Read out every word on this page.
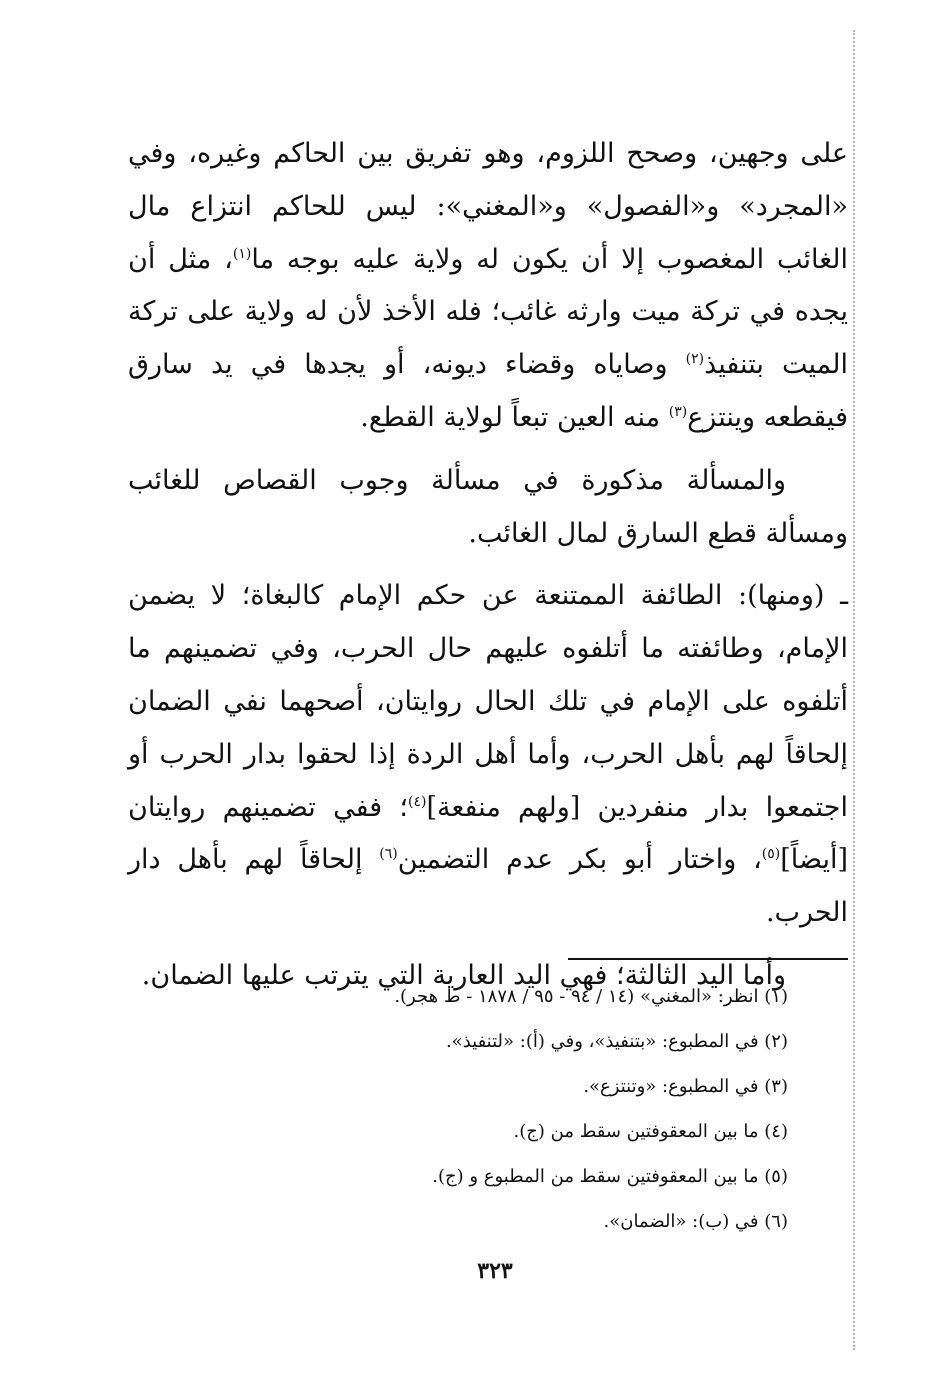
على وجهين، وصحح اللزوم، وهو تفريق بين الحاكم وغيره، وفي «المجرد» و«الفصول» و«المغني»: ليس للحاكم انتزاع مال الغائب المغصوب إلا أن يكون له ولاية عليه بوجه ما$^{(١)}$، مثل أن يجده في تركة ميت وارثه غائب؛ فله الأخذ لأن له ولاية على تركة الميت بتنفيذ$^{(٢)}$ وصاياه وقضاء ديونه، أو يجدها في يد سارق فيقطعه وينتزع$^{(٣)}$ منه العين تبعاً لولاية القطع.

والمسألة مذكورة في مسألة وجوب القصاص للغائب ومسألة قطع السارق لمال الغائب.

ـ (ومنها): الطائفة الممتنعة عن حكم الإمام كالبغاة؛ لا يضمن الإمام، وطائفته ما أتلفوه عليهم حال الحرب، وفي تضمينهم ما أتلفوه على الإمام في تلك الحال روايتان، أصحهما نفي الضمان إلحاقاً لهم بأهل الحرب، وأما أهل الردة إذا لحقوا بدار الحرب أو اجتمعوا بدار منفردين [ولهم منفعة]$^{(٤)}$؛ ففي تضمينهم روايتان [أيضاً]$^{(٥)}$، واختار أبو بكر عدم التضمين$^{(٦)}$ إلحاقاً لهم بأهل دار الحرب.

وأما اليد الثالثة؛ فهي اليد العارية التي يترتب عليها الضمان.

(١) انظر: «المغني» (١٤ / ٩٤ - ٩٥ / ١٨٧٨ - ط هجر).
(٢) في المطبوع: «بتنفيذ»، وفي (أ): «لتنفيذ».
(٣) في المطبوع: «وتنتزع».
(٤) ما بين المعقوفتين سقط من (ج).
(٥) ما بين المعقوفتين سقط من المطبوع و (ج).
(٦) في (ب): «الضمان».
٣٢٣
